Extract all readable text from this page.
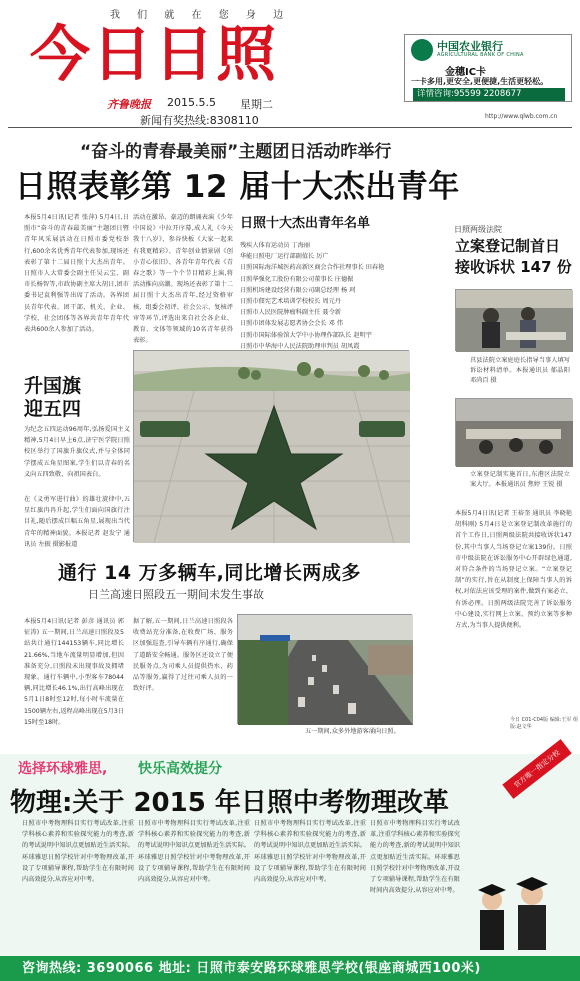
我 们 就 在 您 身 边
今日日照
齐鲁晚报 2015.5.5 星期二
新闻有奖热线:8308110	http://www.qlwb.com.cn
中国农业银行
AGRICULTURAL BANK OF CHINA
金穗IC卡
一卡多用,更安全,更便捷,生活更轻松。
详情咨询:95599 2208677
“奋斗的青春最美丽”主题团日活动昨举行
日照表彰第 12 届十大杰出青年
本报5月4日讯(记者 张萍) 5月4日,日照市“奋斗的青春最美丽”主题团日暨青年风采展活动在日照市委党校举行,600余名优秀青年代表参加,现场还表彰了第十二届日照十大杰出青年。日照市人大常委会副主任吴云宝、副市长杨智等,市政协副主席大胡日,团市委书记袁利强等出席了活动。各界团员青年代表、团干部、机关、企业、学校、社会团体等各界共青年青年代表共600余人参加了活动。
活动在激昂、豪迈的朗诵表演《少年中国说》中拉开序幕,成人礼《今天我十八岁》、参谷快板《大家一起来 有我更精彩》、青年创业情景剧《创小青心依旧》、各青年青年代表《青春之歌》等一个个节目精彩上演,将活动推向高潮。现场还表彰了第十二届日照十大杰出青年,经过资格审核、组委会初评、社会公示、复核评审等环节,评选出来自社会各企业、教育、文体等领域的10名青年获得表彰。
日照十大杰出青年名单
残疾人体育运动员 丁海丽
华能日照电厂运行部副值长 厉广
日照国际海洋城医药高新区商会合作社理事长 田春艳
日照华强化工股份有限公司董事长 庄德振
日照机场建设经营有限公司副总经理 杨 珂
日照市佃宪艺术培训学校校长 周元丹
日照市人民医院肿瘤科副主任 聂令新
日照市团体发展志愿者协会会长 邓 伟
日照市国际体验馆大学中小协理作部队长 赵明宇
日照市中华海中人民法院助理审判员 胡凤霞
升国旗
迎五四
为纪念五四运动96周年,弘扬爱国主义精神,5月4日早上6点,济宁医学院日照校区举行了国旗升旗仪式,并与全体同学摆成五角星图案,学生们以青春的名义向五四致敬、向祖国表白。
在《义勇军进行曲》的雄壮旋律中,五星红旗冉冉升起,学生们面向国旗行注目礼,随后摆成巨幅五角星,展现出当代青年的精神面貌。本报记者 赵发宁 通讯员 左振 摄影报道
日照两级法院
立案登记制首日
接收诉状 147 份
莒县法院立案庭庭长指导当事人填写诉讼材料清单。本报通讯员 郁晶阳 邓尚百 摄
立案登记制实施首日,东港区法院立案大厅。本报通讯员 焦婷 王锐 摄
本报5月4日讯(记者 王裕奎 通讯员 李晓艳 胡科刚) 5月4日是立案登记制改革施行的首个工作日,日照两级法院共接收诉状147份,其中当事人当场登记立案139份。日照市中级法院在诉讼服务中心开辟绿色通道,对符合条件的当场登记立案。“立案登记制”的实行,旨在从制度上保障当事人的诉权,对依法应该受理的案件,做到有案必立、有诉必理。日照两级法院完善了诉讼服务中心建设,实行网上立案、预约立案等多种方式,为当事人提供便利。
今日 C01-C04版 编辑:王军 组版:赵文华
通行 14 万多辆车,同比增长两成多
日兰高速日照段五一期间未发生事故
本报5月4日讯(记者 彭彦 通讯员 郭征涛) 五一期间,日兰高速日照段及5站共计通行144153辆车,同比增长21.66%,当地车流量明显增加,但因准备充分,日照段未出现事故及拥堵现象。通行车辆中,小型客车78044辆,同比增长46.1%,出行高峰出现在5月1日8时至12时,每小时车流量在1500辆左右,返程高峰出现在5月3日15时至18时。
据了解,五一期间,日兰高速日照段各收费站充分准备,在收费广场、服务区加强巡查,引导车辆有序通行,确保了道路安全畅通。服务区还设立了便民服务点,为司乘人员提供热水、药品等服务,赢得了过往司乘人员的一致好评。
五一期间,众多外地游客涌向日照。
选择环球雅思, 快乐高效提分	官方唯一指定分校
物理:关于 2015 年日照中考物理改革
日照市中考物理科目实行考试改革,注重学科核心素养和实验探究能力的考查,新的考试说明中知识点更加贴近生活实际。环球雅思日照学校针对中考物理改革,开设了专项辅导课程,帮助学生在有限时间内高效提分,从容应对中考。
日照市中考物理科目实行考试改革,注重学科核心素养和实验探究能力的考查,新的考试说明中知识点更加贴近生活实际。环球雅思日照学校针对中考物理改革,开设了专项辅导课程,帮助学生在有限时间内高效提分,从容应对中考。
日照市中考物理科目实行考试改革,注重学科核心素养和实验探究能力的考查,新的考试说明中知识点更加贴近生活实际。环球雅思日照学校针对中考物理改革,开设了专项辅导课程,帮助学生在有限时间内高效提分,从容应对中考。
日照市中考物理科目实行考试改革,注重学科核心素养和实验探究能力的考查,新的考试说明中知识点更加贴近生活实际。环球雅思日照学校针对中考物理改革,开设了专项辅导课程,帮助学生在有限时间内高效提分,从容应对中考。
咨询热线: 3690066 地址: 日照市泰安路环球雅思学校(银座商城西100米)
